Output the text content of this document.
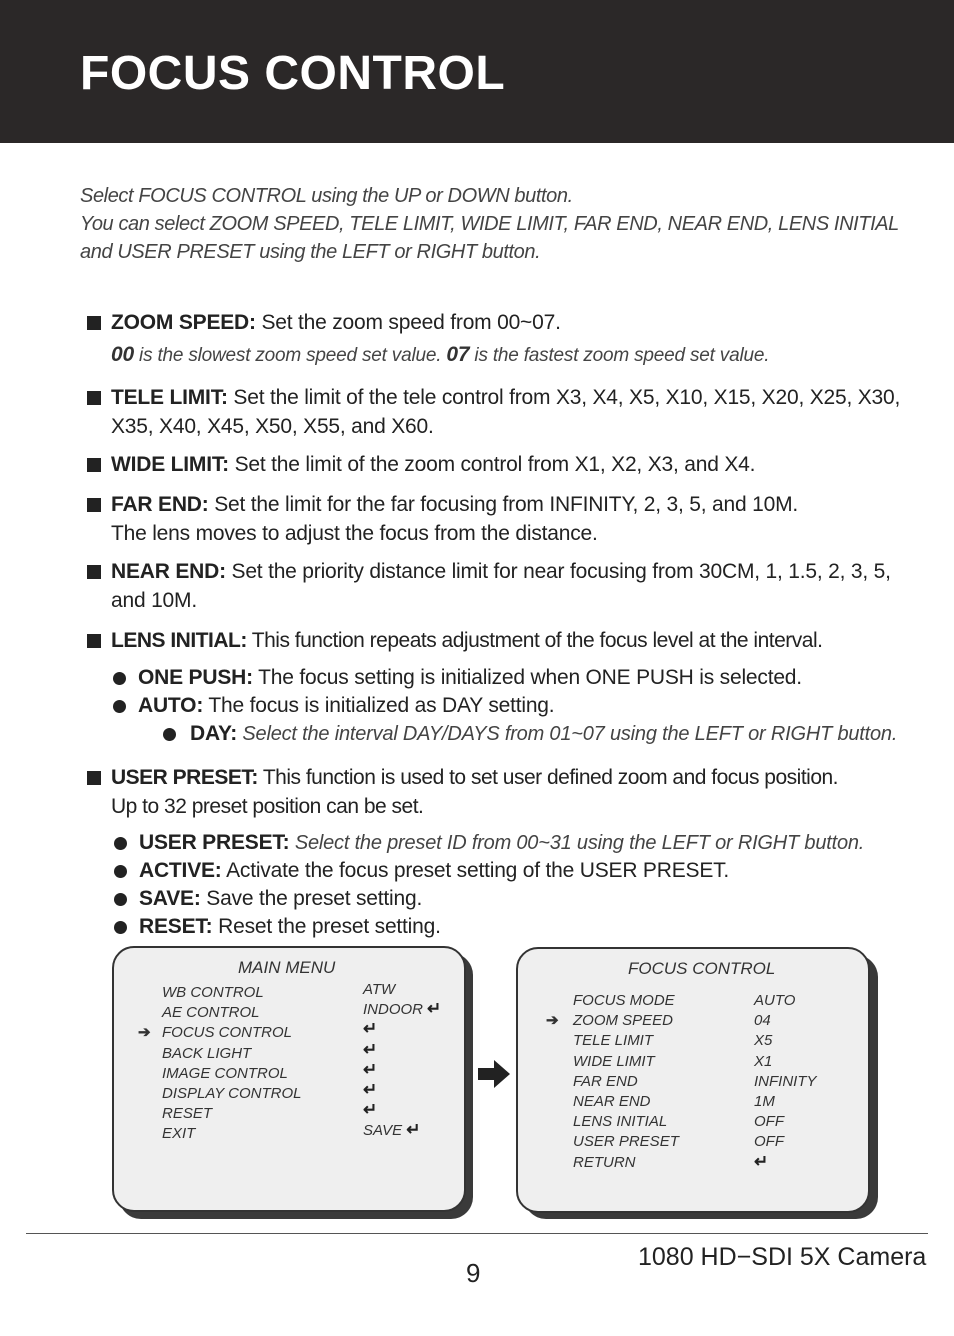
FOCUS CONTROL
Select FOCUS CONTROL using the UP or DOWN button.
You can select ZOOM SPEED, TELE LIMIT, WIDE LIMIT, FAR END, NEAR END, LENS INITIAL
and USER PRESET using the LEFT or RIGHT button.
ZOOM SPEED: Set the zoom speed from 00~07.
00 is the slowest zoom speed set value. 07 is the fastest zoom speed set value.
TELE LIMIT: Set the limit of the tele control from X3, X4, X5, X10, X15, X20, X25, X30, X35, X40, X45, X50, X55, and X60.
WIDE LIMIT: Set the limit of the zoom control from X1, X2, X3, and X4.
FAR END: Set the limit for the far focusing from INFINITY, 2, 3, 5, and 10M.
The lens moves to adjust the focus from the distance.
NEAR END: Set the priority distance limit for near focusing from 30CM, 1, 1.5, 2, 3, 5, and 10M.
LENS INITIAL: This function repeats adjustment of the focus level at the interval.
ONE PUSH: The focus setting is initialized when ONE PUSH is selected.
AUTO: The focus is initialized as DAY setting.
DAY: Select the interval DAY/DAYS from 01~07 using the LEFT or RIGHT button.
USER PRESET: This function is used to set user defined zoom and focus position.
Up to 32 preset position can be set.
USER PRESET: Select the preset ID from 00~31 using the LEFT or RIGHT button.
ACTIVE: Activate the focus preset setting of the USER PRESET.
SAVE: Save the preset setting.
RESET: Reset the preset setting.
MAIN MENU
WB CONTROL	ATW
AE CONTROL	INDOOR ↵
➔ FOCUS CONTROL	↵
BACK LIGHT	↵
IMAGE CONTROL	↵
DISPLAY CONTROL	↵
RESET	↵
EXIT	SAVE ↵
FOCUS CONTROL
FOCUS MODE	AUTO
➔ ZOOM SPEED	04
TELE LIMIT	X5
WIDE LIMIT	X1
FAR END	INFINITY
NEAR END	1M
LENS INITIAL	OFF
USER PRESET	OFF
RETURN	↵
9
1080 HD−SDI 5X Camera
